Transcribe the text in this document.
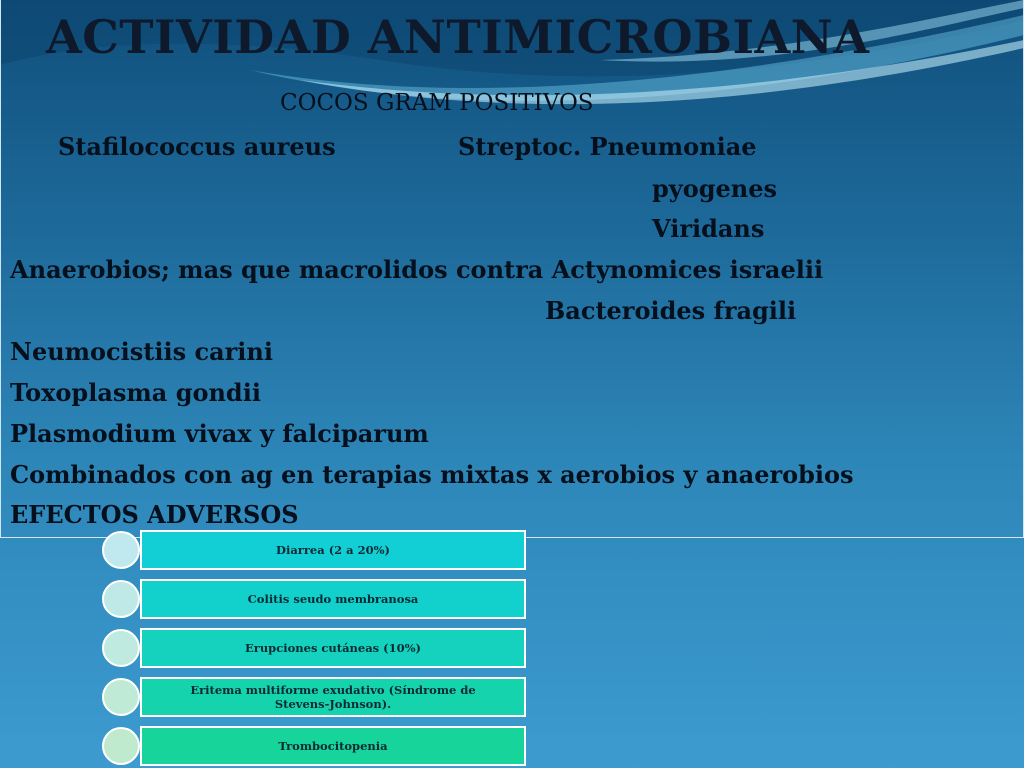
ACTIVIDAD ANTIMICROBIANA

COCOS GRAM POSITIVOS

Stafilococcus aureus	Streptoc. Pneumoniae

pyogenes

Viridans

Anaerobios; mas que macrolidos contra Actynomices israelii

Bacteroides fragili

Neumocistiis carini

Toxoplasma gondii

Plasmodium vivax y falciparum

Combinados con ag en terapias mixtas x aerobios y anaerobios

EFECTOS ADVERSOS

Diarrea (2 a 20%)
Colitis seudo membranosa
Erupciones cutáneas (10%)
Eritema multiforme exudativo (Síndrome de Stevens-Johnson).
Trombocitopenia
